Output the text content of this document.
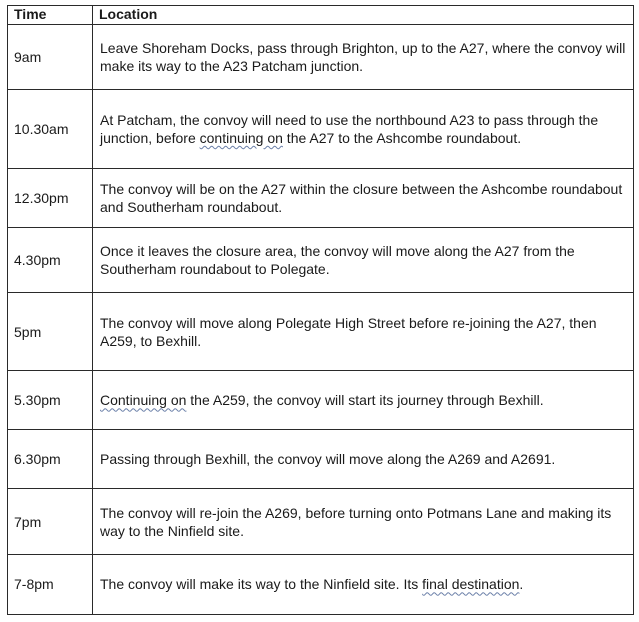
Time	Location
9am	Leave Shoreham Docks, pass through Brighton, up to the A27, where the convoy will make its way to the A23 Patcham junction.
10.30am	At Patcham, the convoy will need to use the northbound A23 to pass through the junction, before continuing on the A27 to the Ashcombe roundabout.
12.30pm	The convoy will be on the A27 within the closure between the Ashcombe roundabout and Southerham roundabout.
4.30pm	Once it leaves the closure area, the convoy will move along the A27 from the Southerham roundabout to Polegate.
5pm	The convoy will move along Polegate High Street before re-joining the A27, then A259, to Bexhill.
5.30pm	Continuing on the A259, the convoy will start its journey through Bexhill.
6.30pm	Passing through Bexhill, the convoy will move along the A269 and A2691.
7pm	The convoy will re-join the A269, before turning onto Potmans Lane and making its way to the Ninfield site.
7-8pm	The convoy will make its way to the Ninfield site. Its final destination.
